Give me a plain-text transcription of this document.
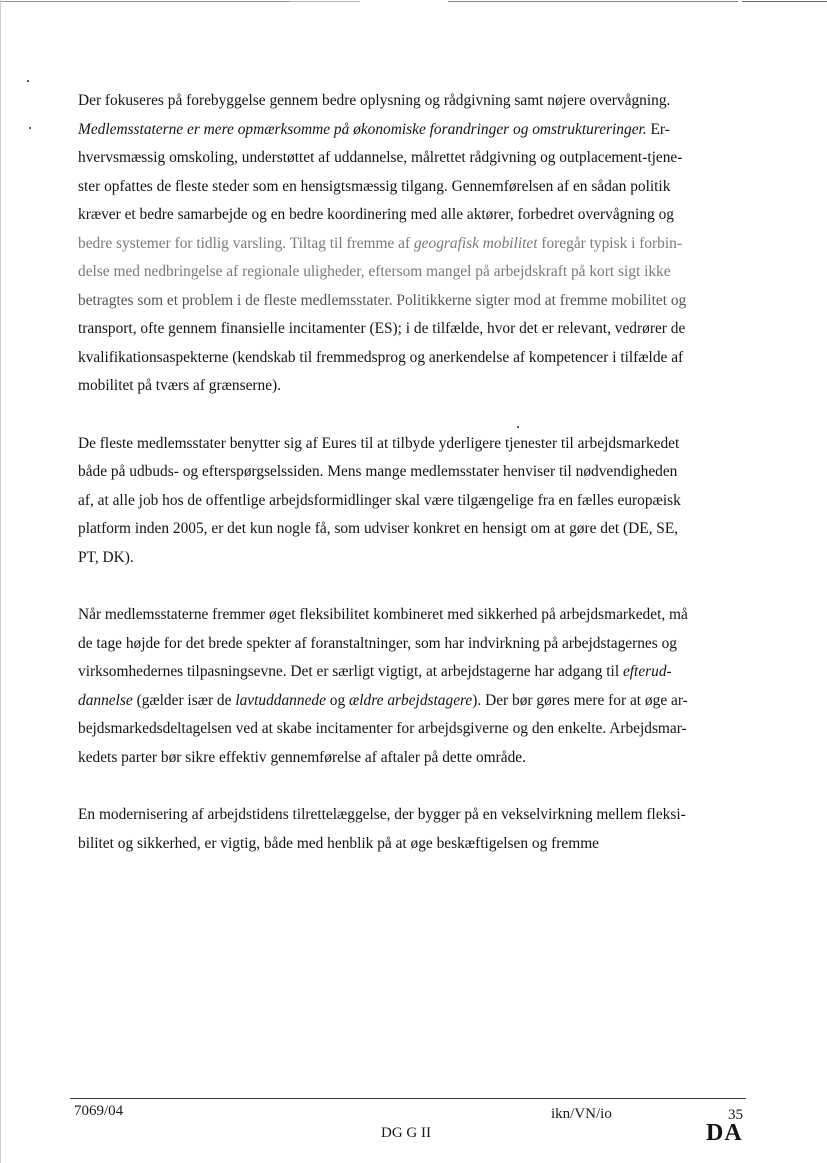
Der fokuseres på forebyggelse gennem bedre oplysning og rådgivning samt nøjere overvågning.
Medlemsstaterne er mere opmærksomme på økonomiske forandringer og omstruktureringer. Er-
hvervsmæssig omskoling, understøttet af uddannelse, målrettet rådgivning og outplacement-tjene-
ster opfattes de fleste steder som en hensigtsmæssig tilgang. Gennemførelsen af en sådan politik
kræver et bedre samarbejde og en bedre koordinering med alle aktører, forbedret overvågning og
bedre systemer for tidlig varsling. Tiltag til fremme af geografisk mobilitet foregår typisk i forbin-
delse med nedbringelse af regionale uligheder, eftersom mangel på arbejdskraft på kort sigt ikke
betragtes som et problem i de fleste medlemsstater. Politikkerne sigter mod at fremme mobilitet og
transport, ofte gennem finansielle incitamenter (ES); i de tilfælde, hvor det er relevant, vedrører de
kvalifikationsaspekterne (kendskab til fremmedsprog og anerkendelse af kompetencer i tilfælde af
mobilitet på tværs af grænserne).

De fleste medlemsstater benytter sig af Eures til at tilbyde yderligere tjenester til arbejdsmarkedet
både på udbuds- og efterspørgselssiden. Mens mange medlemsstater henviser til nødvendigheden
af, at alle job hos de offentlige arbejdsformidlinger skal være tilgængelige fra en fælles europæisk
platform inden 2005, er det kun nogle få, som udviser konkret en hensigt om at gøre det (DE, SE,
PT, DK).

Når medlemsstaterne fremmer øget fleksibilitet kombineret med sikkerhed på arbejdsmarkedet, må
de tage højde for det brede spekter af foranstaltninger, som har indvirkning på arbejdstagernes og
virksomhedernes tilpasningsevne. Det er særligt vigtigt, at arbejdstagerne har adgang til efterud-
dannelse (gælder især de lavtuddannede og ældre arbejdstagere). Der bør gøres mere for at øge ar-
bejdsmarkedsdeltagelsen ved at skabe incitamenter for arbejdsgiverne og den enkelte. Arbejdsmar-
kedets parter bør sikre effektiv gennemførelse af aftaler på dette område.

En modernisering af arbejdstidens tilrettelæggelse, der bygger på en vekselvirkning mellem fleksi-
bilitet og sikkerhed, er vigtig, både med henblik på at øge beskæftigelsen og fremme

7069/04	ikn/VN/io	35
DG G II	DA
